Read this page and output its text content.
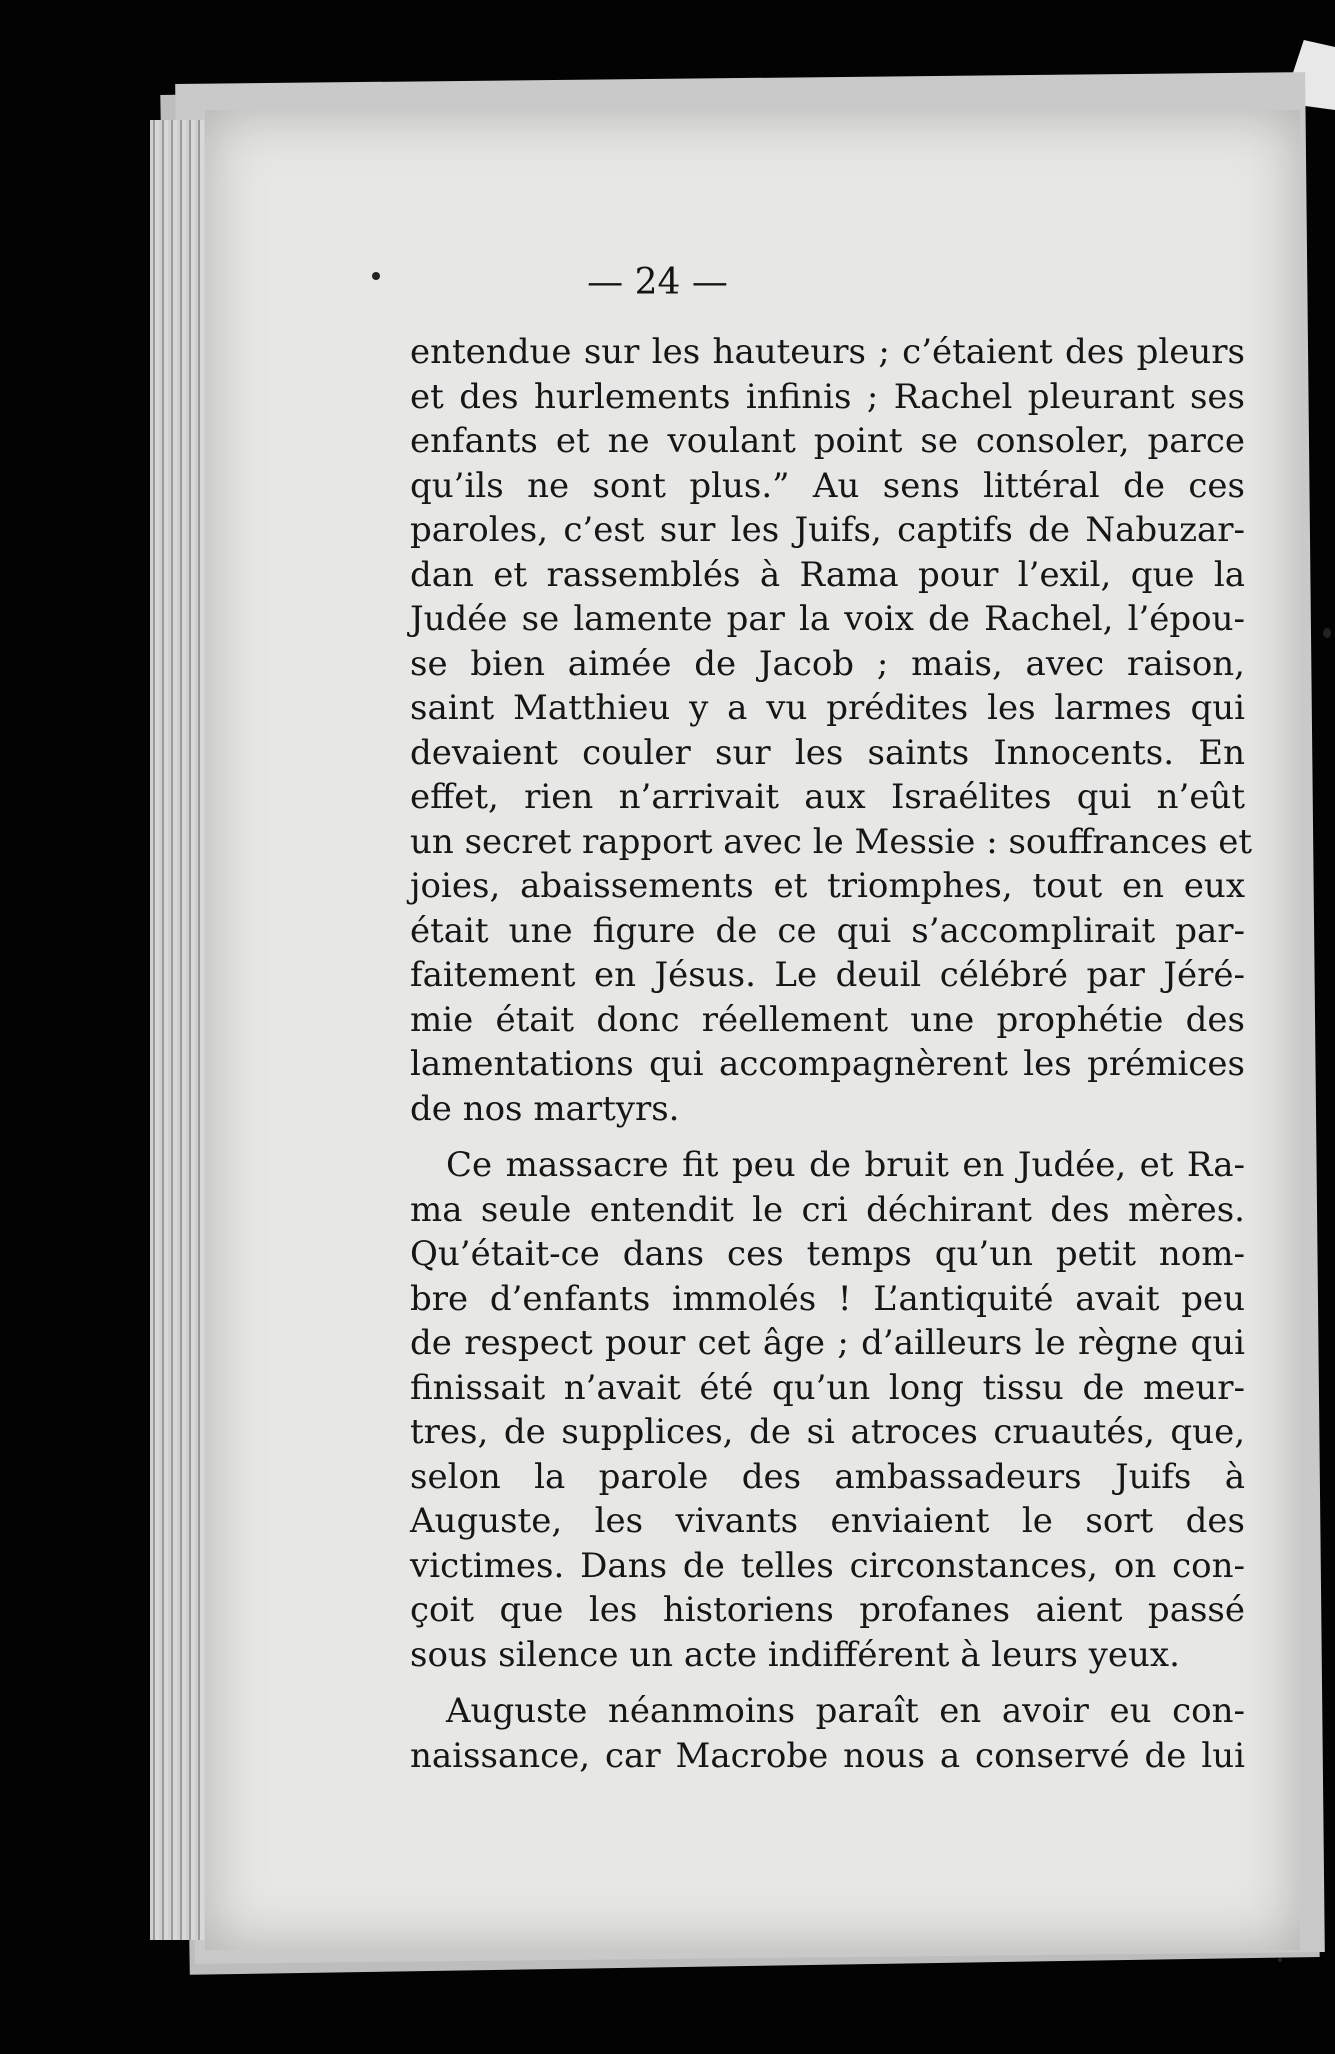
— 24 —
entendue sur les hauteurs ; c’étaient des pleurs
et des hurlements infinis ; Rachel pleurant ses
enfants et ne voulant point se consoler, parce
qu’ils ne sont plus.” Au sens littéral de ces
paroles, c’est sur les Juifs, captifs de Nabuzar-
dan et rassemblés à Rama pour l’exil, que la
Judée se lamente par la voix de Rachel, l’épou-
se bien aimée de Jacob ; mais, avec raison,
saint Matthieu y a vu prédites les larmes qui
devaient couler sur les saints Innocents. En
effet, rien n’arrivait aux Israélites qui n’eût
un secret rapport avec le Messie : souffrances et
joies, abaissements et triomphes, tout en eux
était une figure de ce qui s’accomplirait par-
faitement en Jésus. Le deuil célébré par Jéré-
mie était donc réellement une prophétie des
lamentations qui accompagnèrent les prémices
de nos martyrs.
Ce massacre fit peu de bruit en Judée, et Ra-
ma seule entendit le cri déchirant des mères.
Qu’était-ce dans ces temps qu’un petit nom-
bre d’enfants immolés ! L’antiquité avait peu
de respect pour cet âge ; d’ailleurs le règne qui
finissait n’avait été qu’un long tissu de meur-
tres, de supplices, de si atroces cruautés, que,
selon la parole des ambassadeurs Juifs à
Auguste, les vivants enviaient le sort des
victimes. Dans de telles circonstances, on con-
çoit que les historiens profanes aient passé
sous silence un acte indifférent à leurs yeux.
Auguste néanmoins paraît en avoir eu con-
naissance, car Macrobe nous a conservé de lui
